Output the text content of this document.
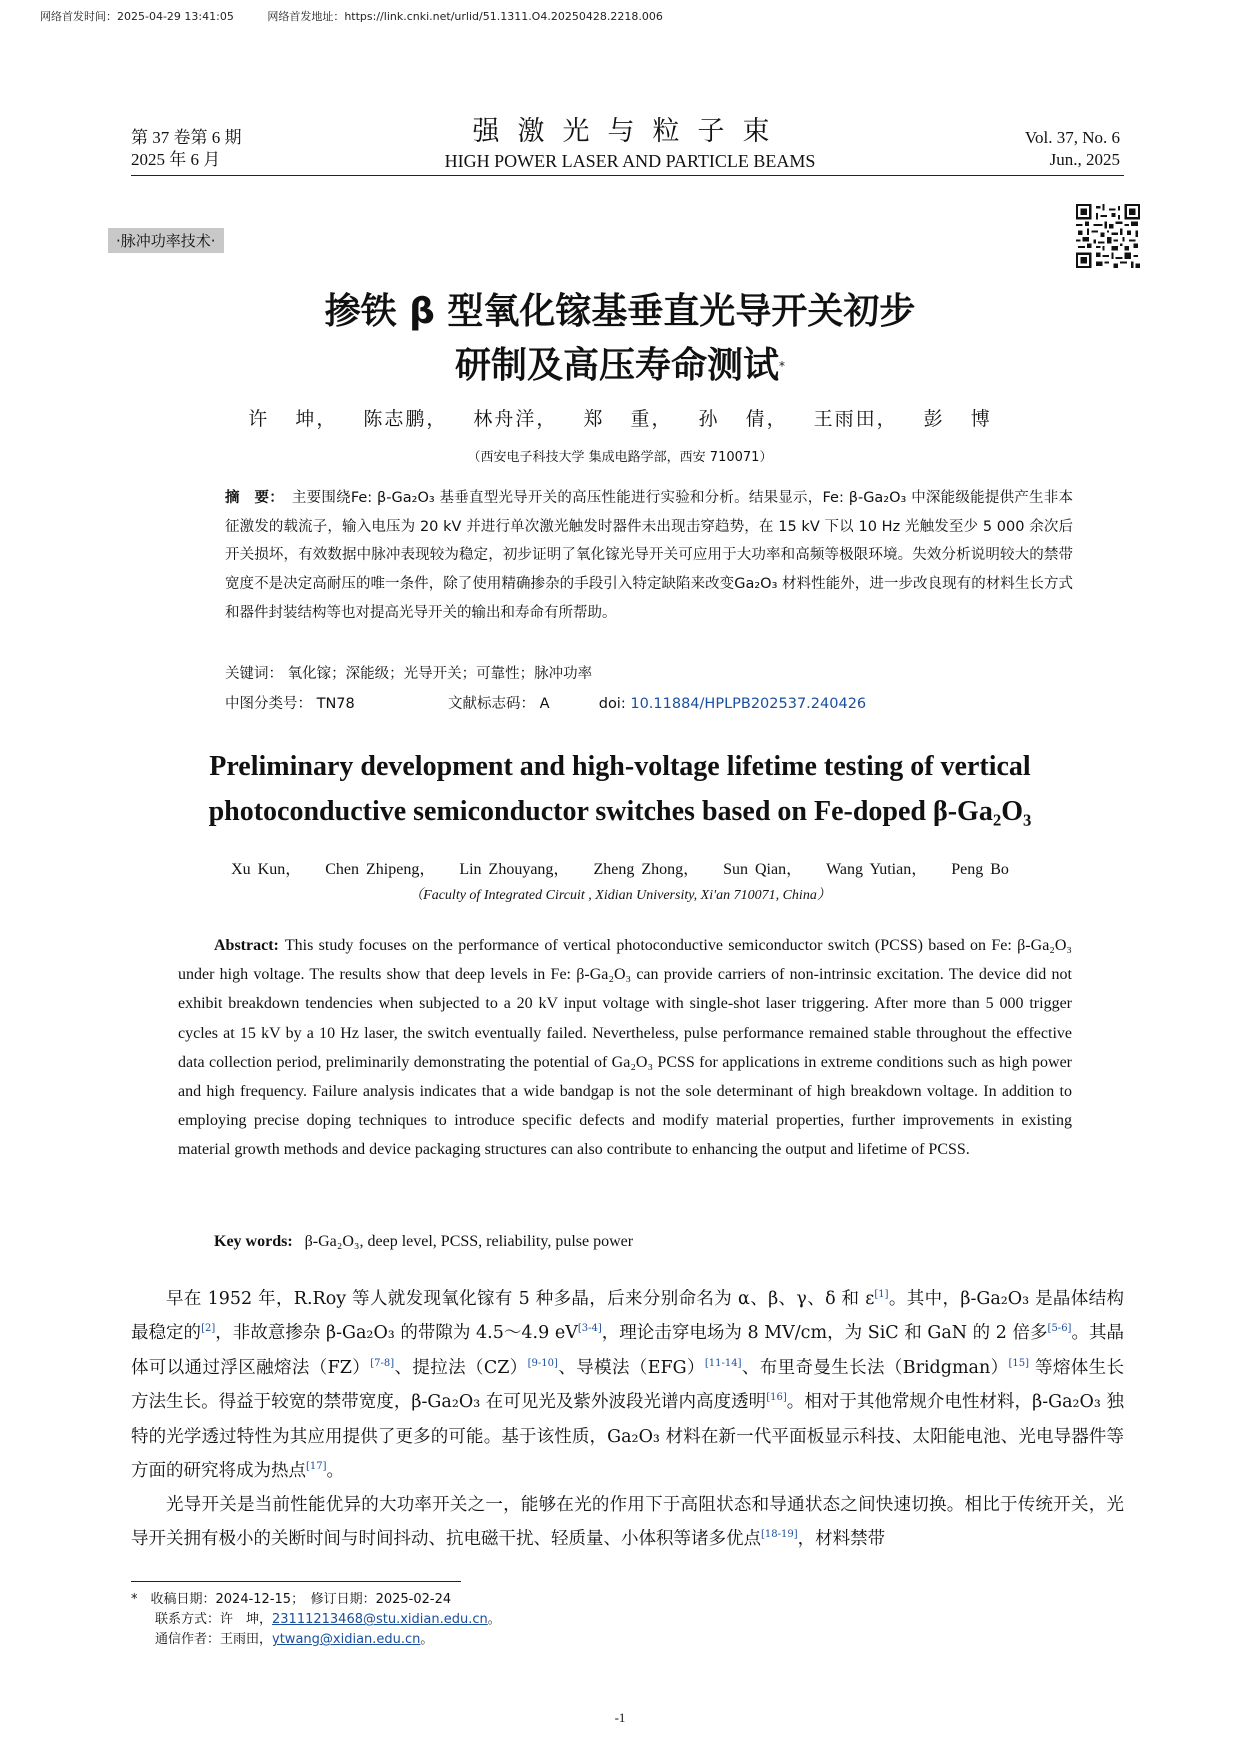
网络首发时间：2025-04-29 13:41:05	网络首发地址：https://link.cnki.net/urlid/51.1311.O4.20250428.2218.006
第 37 卷第 6 期
2025 年 6 月
强激光与粒子束
HIGH POWER LASER AND PARTICLE BEAMS
Vol. 37, No. 6
Jun., 2025
·脉冲功率技术·
掺铁 β 型氧化镓基垂直光导开关初步
研制及高压寿命测试*
许 坤， 陈志鹏， 林舟洋， 郑 重， 孙 倩， 王雨田， 彭 博
（西安电子科技大学 集成电路学部，西安 710071）
摘　要： 主要围绕Fe: β-Ga₂O₃ 基垂直型光导开关的高压性能进行实验和分析。结果显示，Fe: β-Ga₂O₃ 中深能级能提供产生非本征激发的载流子，输入电压为 20 kV 并进行单次激光触发时器件未出现击穿趋势，在 15 kV 下以 10 Hz 光触发至少 5 000 余次后开关损坏，有效数据中脉冲表现较为稳定，初步证明了氧化镓光导开关可应用于大功率和高频等极限环境。失效分析说明较大的禁带宽度不是决定高耐压的唯一条件，除了使用精确掺杂的手段引入特定缺陷来改变Ga₂O₃ 材料性能外，进一步改良现有的材料生长方式和器件封装结构等也对提高光导开关的输出和寿命有所帮助。
关键词： 氧化镓；深能级；光导开关；可靠性；脉冲功率
中图分类号： TN78	文献标志码： A	doi: 10.11884/HPLPB202537.240426
Preliminary development and high-voltage lifetime testing of vertical
photoconductive semiconductor switches based on Fe-doped β-Ga₂O₃
Xu Kun， Chen Zhipeng， Lin Zhouyang， Zheng Zhong， Sun Qian， Wang Yutian， Peng Bo
（Faculty of Integrated Circuit , Xidian University, Xi'an 710071, China）
Abstract: This study focuses on the performance of vertical photoconductive semiconductor switch (PCSS) based on Fe: β-Ga₂O₃ under high voltage. The results show that deep levels in Fe: β-Ga₂O₃ can provide carriers of non-intrinsic excitation. The device did not exhibit breakdown tendencies when subjected to a 20 kV input voltage with single-shot laser triggering. After more than 5 000 trigger cycles at 15 kV by a 10 Hz laser, the switch eventually failed. Nevertheless, pulse performance remained stable throughout the effective data collection period, preliminarily demonstrating the potential of Ga₂O₃ PCSS for applications in extreme conditions such as high power and high frequency. Failure analysis indicates that a wide bandgap is not the sole determinant of high breakdown voltage. In addition to employing precise doping techniques to introduce specific defects and modify material properties, further improvements in existing material growth methods and device packaging structures can also contribute to enhancing the output and lifetime of PCSS.
Key words: β-Ga₂O₃, deep level, PCSS, reliability, pulse power
早在 1952 年，R.Roy 等人就发现氧化镓有 5 种多晶，后来分别命名为 α、β、γ、δ 和 ε[1]。其中，β-Ga₂O₃ 是晶体结构最稳定的[2]，非故意掺杂 β-Ga₂O₃ 的带隙为 4.5～4.9 eV[3-4]，理论击穿电场为 8 MV/cm，为 SiC 和 GaN 的 2 倍多[5-6]。其晶体可以通过浮区融熔法（FZ）[7-8]、提拉法（CZ）[9-10]、导模法（EFG）[11-14]、布里奇曼生长法（Bridgman）[15] 等熔体生长方法生长。得益于较宽的禁带宽度，β-Ga₂O₃ 在可见光及紫外波段光谱内高度透明[16]。相对于其他常规介电性材料，β-Ga₂O₃ 独特的光学透过特性为其应用提供了更多的可能。基于该性质，Ga₂O₃ 材料在新一代平面板显示科技、太阳能电池、光电导器件等方面的研究将成为热点[17]。
光导开关是当前性能优异的大功率开关之一，能够在光的作用下于高阻状态和导通状态之间快速切换。相比于传统开关，光导开关拥有极小的关断时间与时间抖动、抗电磁干扰、轻质量、小体积等诸多优点[18-19]，材料禁带
*　 收稿日期：2024-12-15；　修订日期：2025-02-24
联系方式：许　坤，23111213468@stu.xidian.edu.cn。
通信作者：王雨田，ytwang@xidian.edu.cn。
-1
